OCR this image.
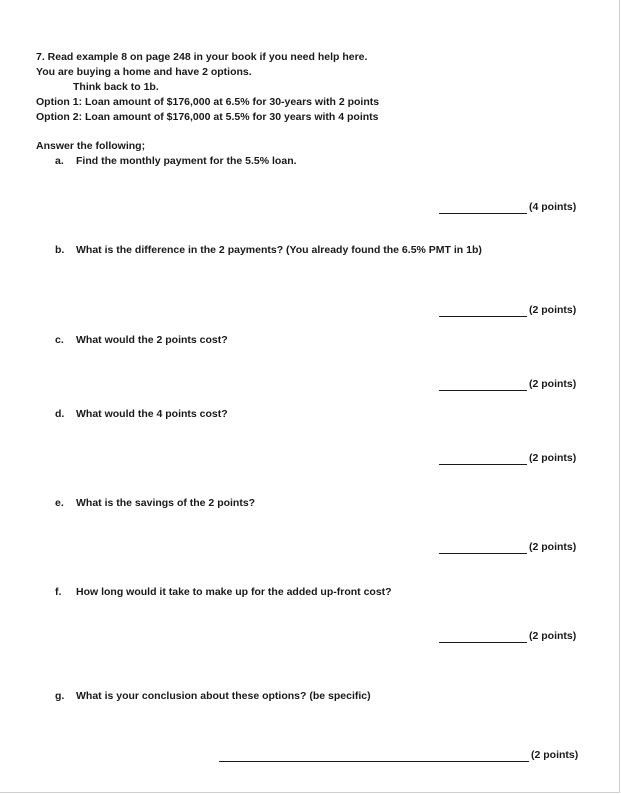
7. Read example 8 on page 248 in your book if you need help here.
You are buying a home and have 2 options.
Think back to 1b.
Option 1: Loan amount of $176,000 at 6.5% for 30-years with 2 points
Option 2: Loan amount of $176,000 at 5.5% for 30 years with 4 points
Answer the following;
a. Find the monthly payment for the 5.5% loan.
(4 points)
b. What is the difference in the 2 payments? (You already found the 6.5% PMT in 1b)
(2 points)
c. What would the 2 points cost?
(2 points)
d. What would the 4 points cost?
(2 points)
e. What is the savings of the 2 points?
(2 points)
f. How long would it take to make up for the added up-front cost?
(2 points)
g. What is your conclusion about these options? (be specific)
(2 points)
